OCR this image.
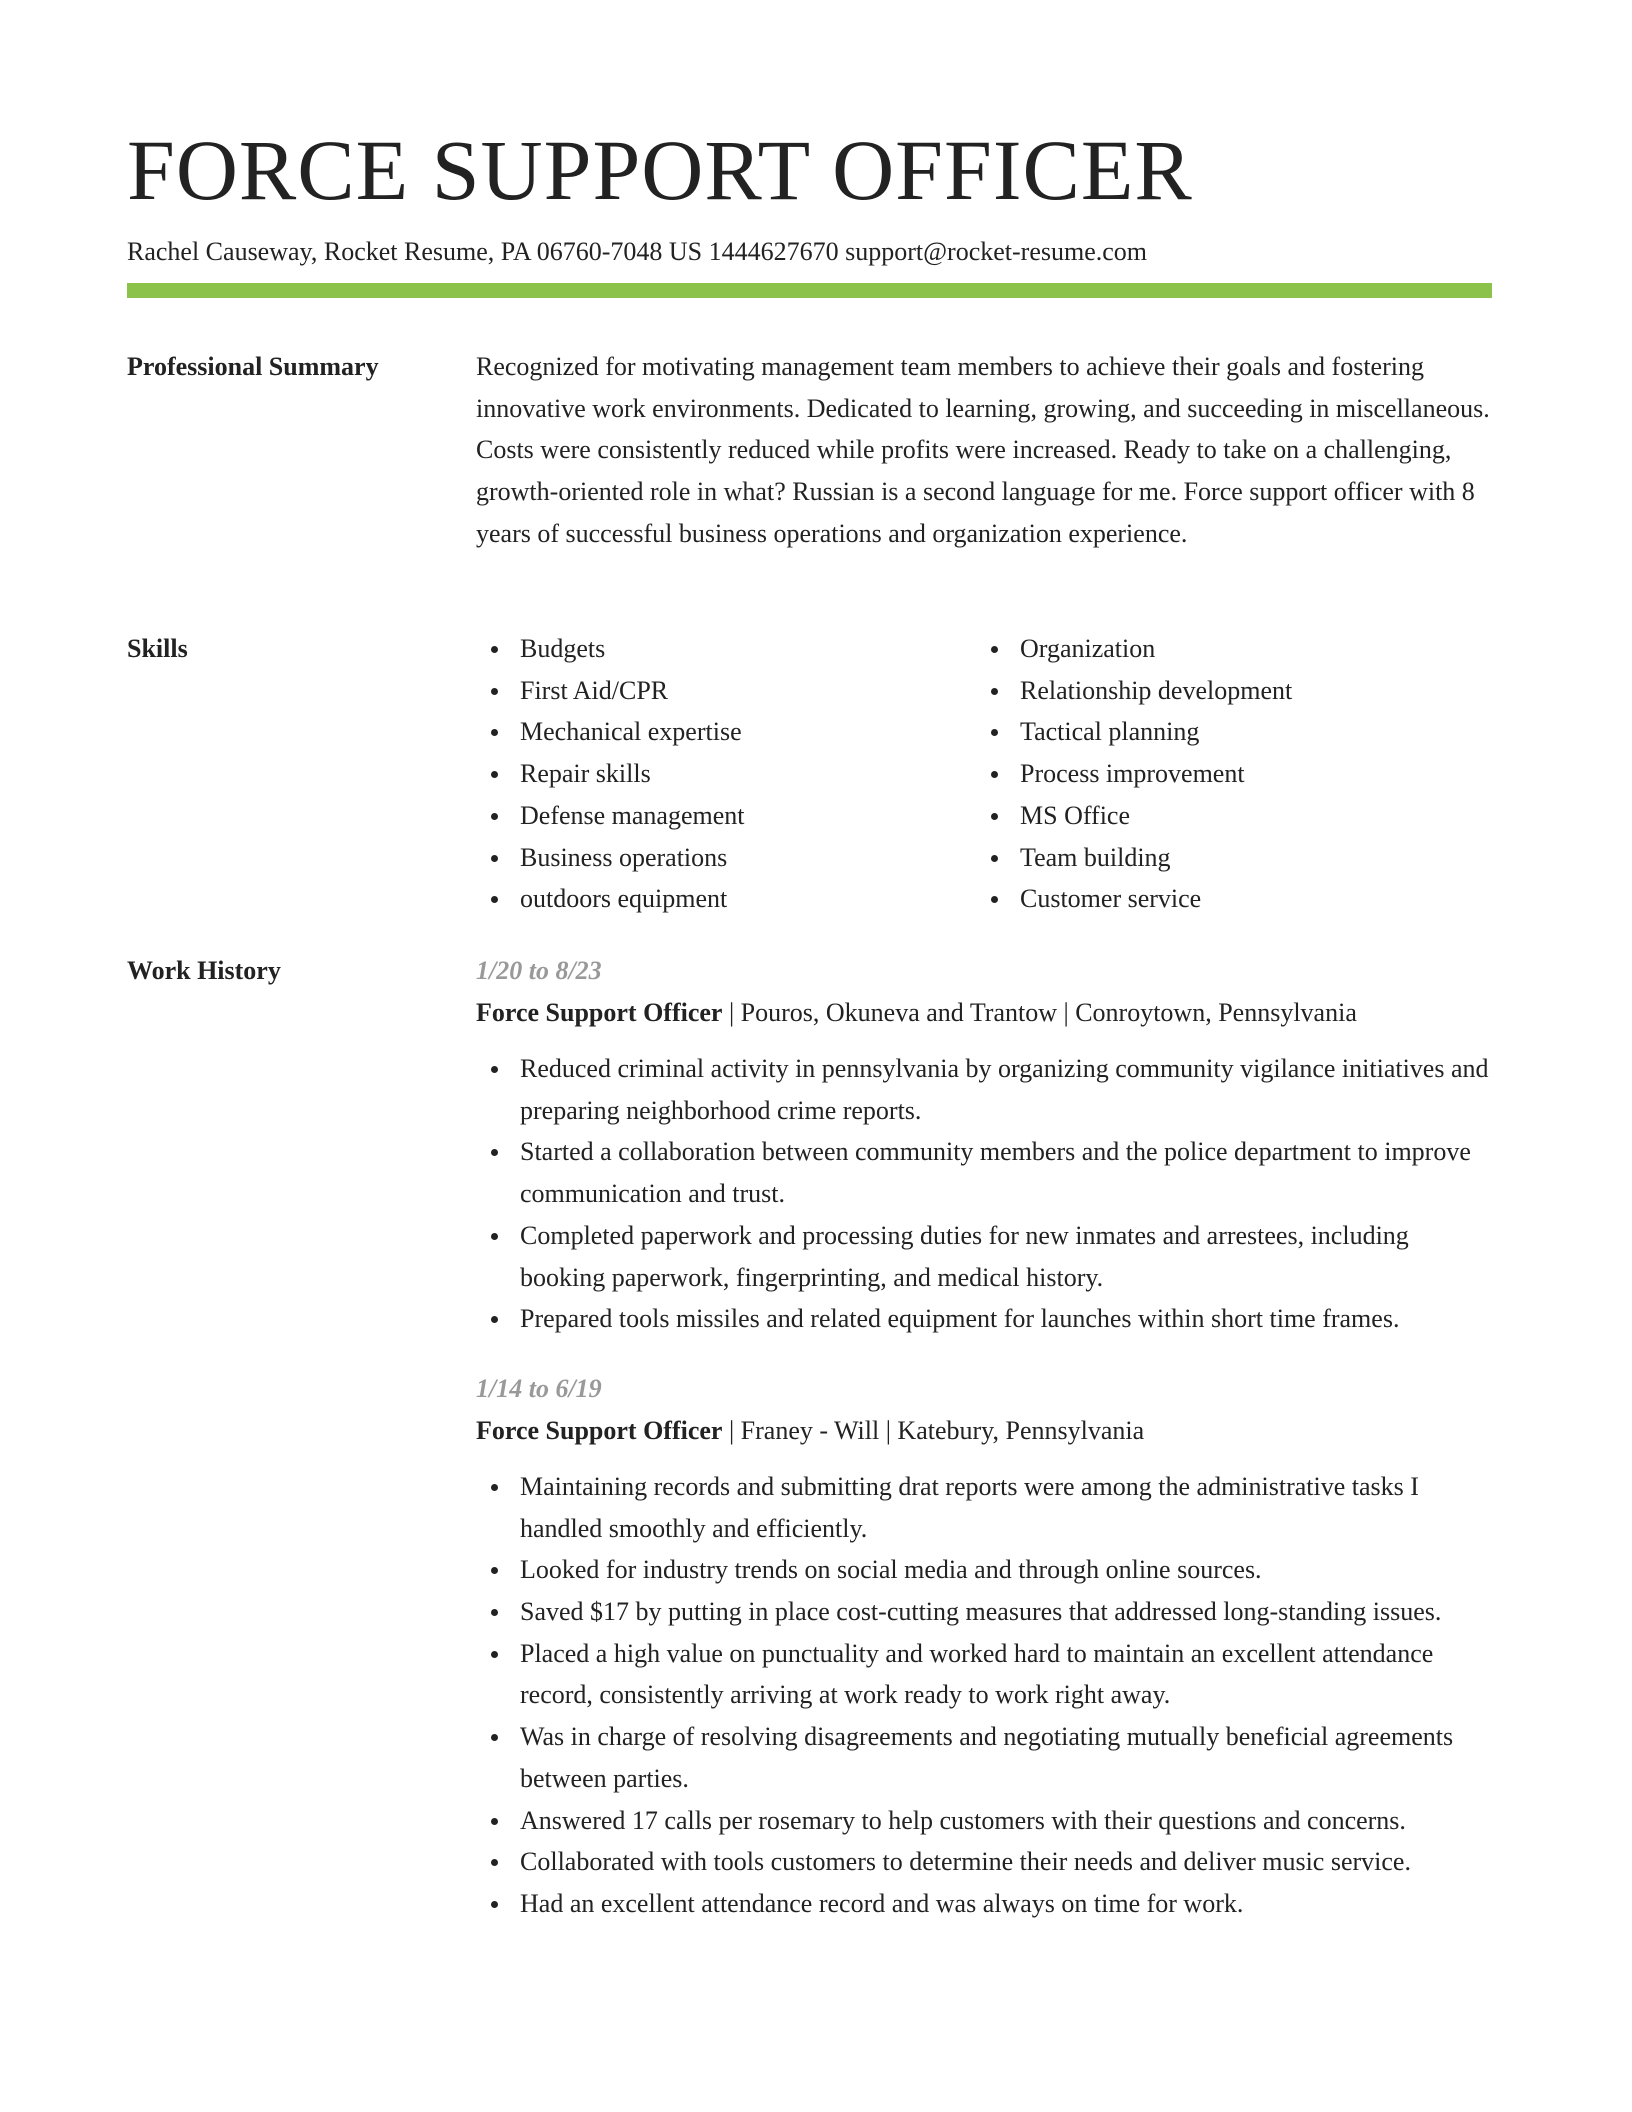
FORCE SUPPORT OFFICER
Rachel Causeway, Rocket Resume, PA 06760-7048 US 1444627670 support@rocket-resume.com
Professional Summary	Recognized for motivating management team members to achieve their goals and fostering innovative work environments. Dedicated to learning, growing, and succeeding in miscellaneous. Costs were consistently reduced while profits were increased. Ready to take on a challenging, growth-oriented role in what? Russian is a second language for me. Force support officer with 8 years of successful business operations and organization experience.

Skills	Budgets
First Aid/CPR
Mechanical expertise
Repair skills
Defense management
Business operations
outdoors equipment
Organization
Relationship development
Tactical planning
Process improvement
MS Office
Team building
Customer service
Work History	1/20 to 8/23
Force Support Officer | Pouros, Okuneva and Trantow | Conroytown, Pennsylvania
Reduced criminal activity in pennsylvania by organizing community vigilance initiatives and preparing neighborhood crime reports.
Started a collaboration between community members and the police department to improve communication and trust.
Completed paperwork and processing duties for new inmates and arrestees, including booking paperwork, fingerprinting, and medical history.
Prepared tools missiles and related equipment for launches within short time frames.
1/14 to 6/19
Force Support Officer | Franey - Will | Katebury, Pennsylvania
Maintaining records and submitting drat reports were among the administrative tasks I handled smoothly and efficiently.
Looked for industry trends on social media and through online sources.
Saved $17 by putting in place cost-cutting measures that addressed long-standing issues.
Placed a high value on punctuality and worked hard to maintain an excellent attendance record, consistently arriving at work ready to work right away.
Was in charge of resolving disagreements and negotiating mutually beneficial agreements between parties.
Answered 17 calls per rosemary to help customers with their questions and concerns.
Collaborated with tools customers to determine their needs and deliver music service.
Had an excellent attendance record and was always on time for work.
